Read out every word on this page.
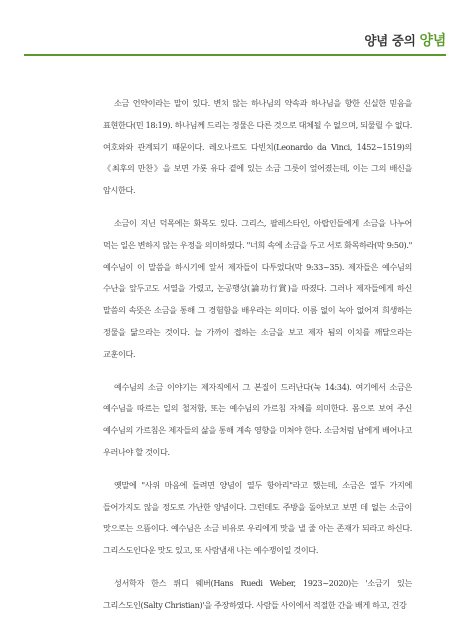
양념 중의 양념

소금 언약이라는 말이 있다. 변치 않는 하나님의 약속과 하나님을 향한 신실한 믿음을 표현한다(민 18:19). 하나님께 드리는 정물은 다른 것으로 대체될 수 없으며, 되물릴 수 없다. 여호와와 관계되기 때문이다. 레오나르도 다빈치(Leonardo da Vinci, 1452~1519)의 《최후의 만찬》을 보면 가룟 유다 곁에 있는 소금 그릇이 엎어졌는데, 이는 그의 배신을 암시한다.

소금이 지닌 덕목에는 화목도 있다. 그리스, 팔레스타인, 아랍인들에게 소금을 나누어 먹는 일은 변하지 않는 우정을 의미하였다. "너희 속에 소금을 두고 서로 화목하라(막 9:50)." 예수님이 이 말씀을 하시기에 앞서 제자들이 다투었다(막 9:33~35). 제자들은 예수님의 수난을 앞두고도 서열을 가렸고, 논공행상(論功行賞)을 따졌다. 그러나 제자들에게 하신 말씀의 속뜻은 소금을 통해 그 경험함을 배우라는 의미다. 이름 없이 녹아 없어져 희생하는 정물을 닮으라는 것이다. 늘 가까이 접하는 소금을 보고 제자 됨의 이치를 깨달으라는 교훈이다.

예수님의 소금 이야기는 제자직에서 그 본질이 드러난다(눅 14:34). 여기에서 소금은 예수님을 따르는 일의 철저함, 또는 예수님의 가르침 자체를 의미한다. 몸으로 보여 주신 예수님의 가르침은 제자들의 삶을 통해 계속 영향을 미쳐야 한다. 소금처럼 남에게 배어나고 우러나야 할 것이다.

옛말에 "사위 마음에 들려면 양념이 열두 항아리"라고 했는데, 소금은 열두 가지에 들어가지도 않을 정도로 가난한 양념이다. 그런데도 주방을 돌아보고 보면 데 없는 소금이 맛으로는 으뜸이다. 예수님은 소금 비유로 우리에게 맛을 낼 줄 아는 존재가 되라고 하신다. 그리스도인다운 맛도 있고, 또 사람냄새 나는 예수쟁이일 것이다.

성서학자 한스 뤼디 웨버(Hans Ruedi Weber, 1923~2020)는 '소금기 있는 그리스도인(Salty Christian)'을 주장하였다. 사람들 사이에서 적절한 간을 배게 하고, 건강
